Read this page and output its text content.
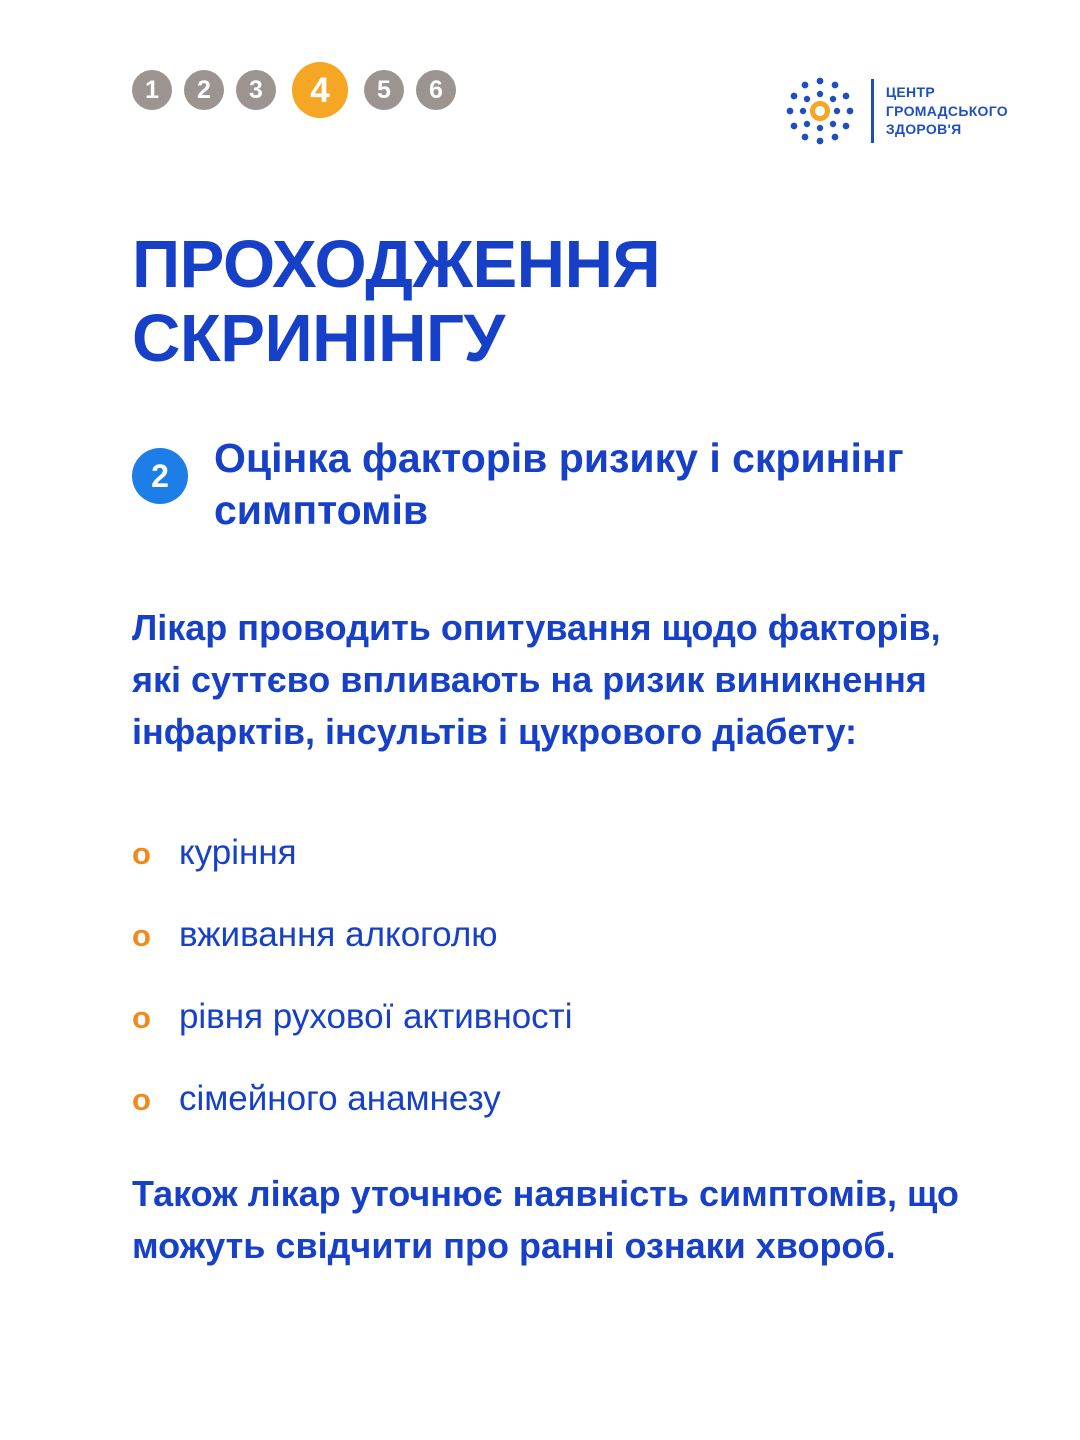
1	2	3	4	5	6	ЦЕНТР
ГРОМАДСЬКОГО
ЗДОРОВ'Я
ПРОХОДЖЕННЯ СКРИНІНГУ
2	Оцінка факторів ризику і скринінг симптомів

Лікар проводить опитування щодо факторів, які суттєво впливають на ризик виникнення інфарктів, інсультів і цукрового діабету:

o куріння
o вживання алкоголю
o рівня рухової активності
o сімейного анамнезу

Також лікар уточнює наявність симптомів, що можуть свідчити про ранні ознаки хвороб.
